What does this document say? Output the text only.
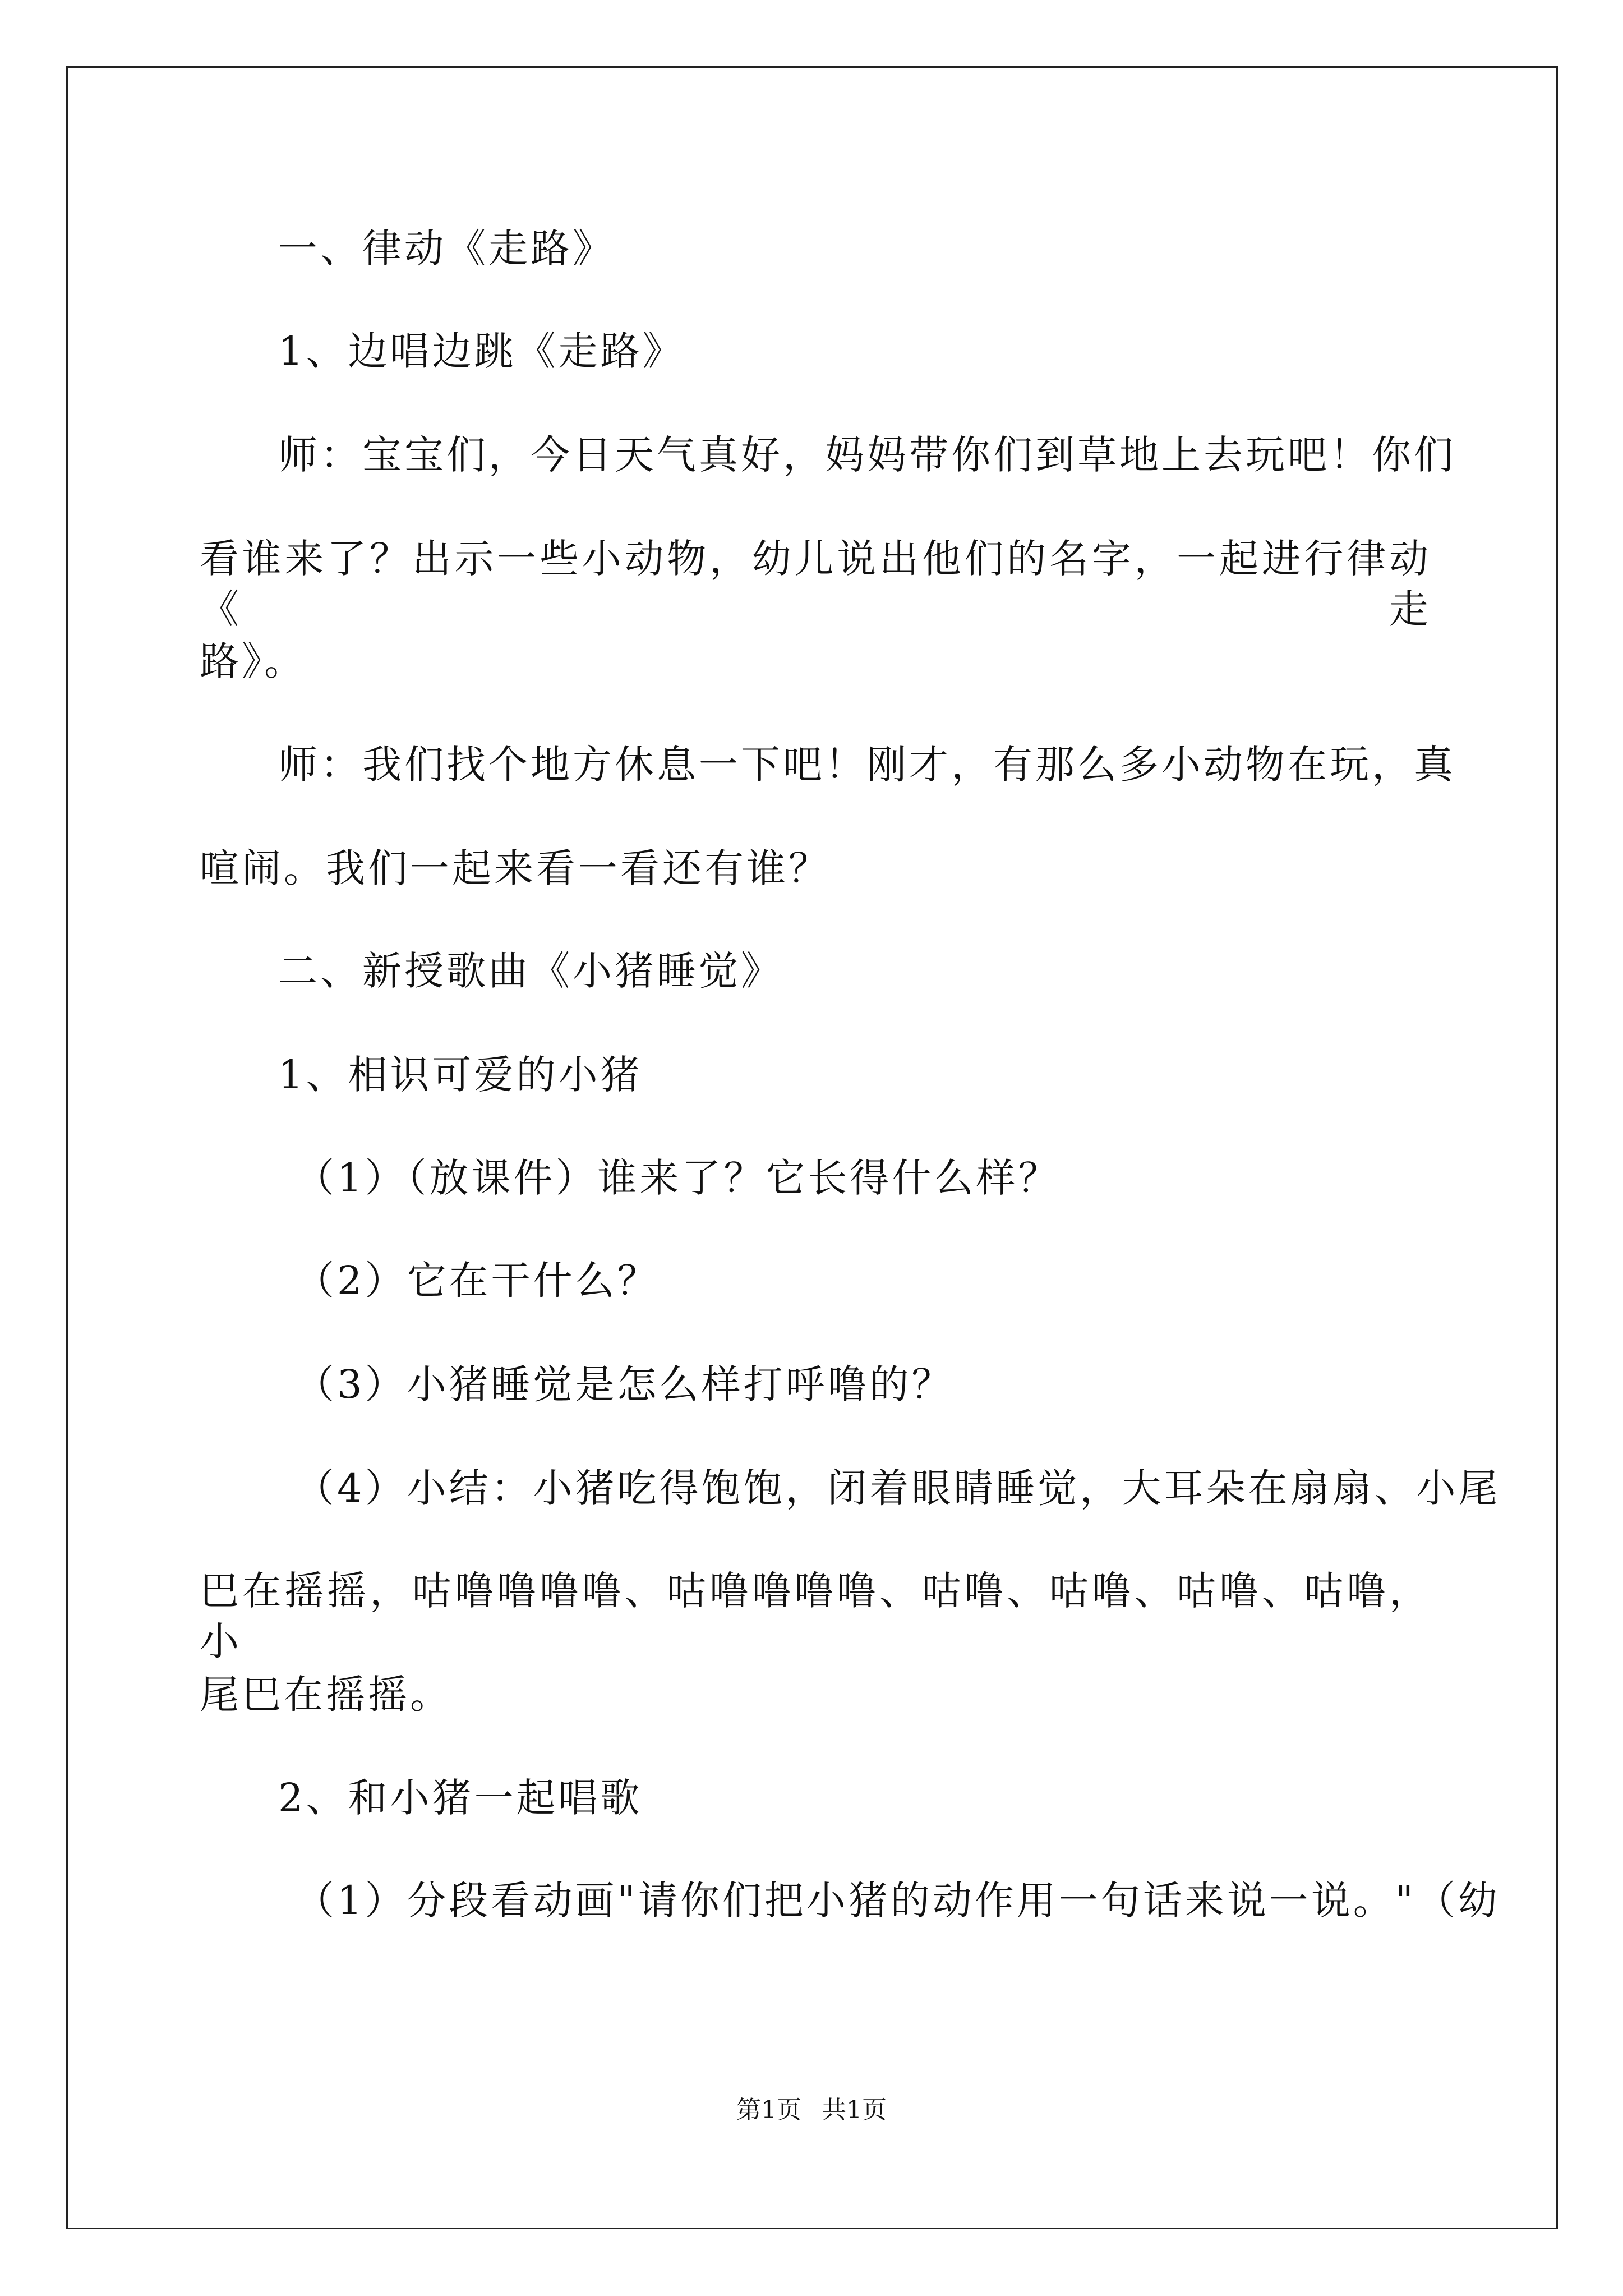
一、律动《走路》
1、边唱边跳《走路》
师：宝宝们，今日天气真好，妈妈带你们到草地上去玩吧！你们
看谁来了？出示一些小动物，幼儿说出他们的名字，一起进行律动《走
路》。
师：我们找个地方休息一下吧！刚才，有那么多小动物在玩，真
喧闹。我们一起来看一看还有谁？
二、新授歌曲《小猪睡觉》
1、相识可爱的小猪
（1）（放课件）谁来了？它长得什么样？
（2）它在干什么？
（3）小猪睡觉是怎么样打呼噜的？
（4）小结：小猪吃得饱饱，闭着眼睛睡觉，大耳朵在扇扇、小尾
巴在摇摇，咕噜噜噜噜、咕噜噜噜噜、咕噜、咕噜、咕噜、咕噜，小
尾巴在摇摇。
2、和小猪一起唱歌
（1）分段看动画"请你们把小猪的动作用一句话来说一说。"（幼
第1页 共1页
